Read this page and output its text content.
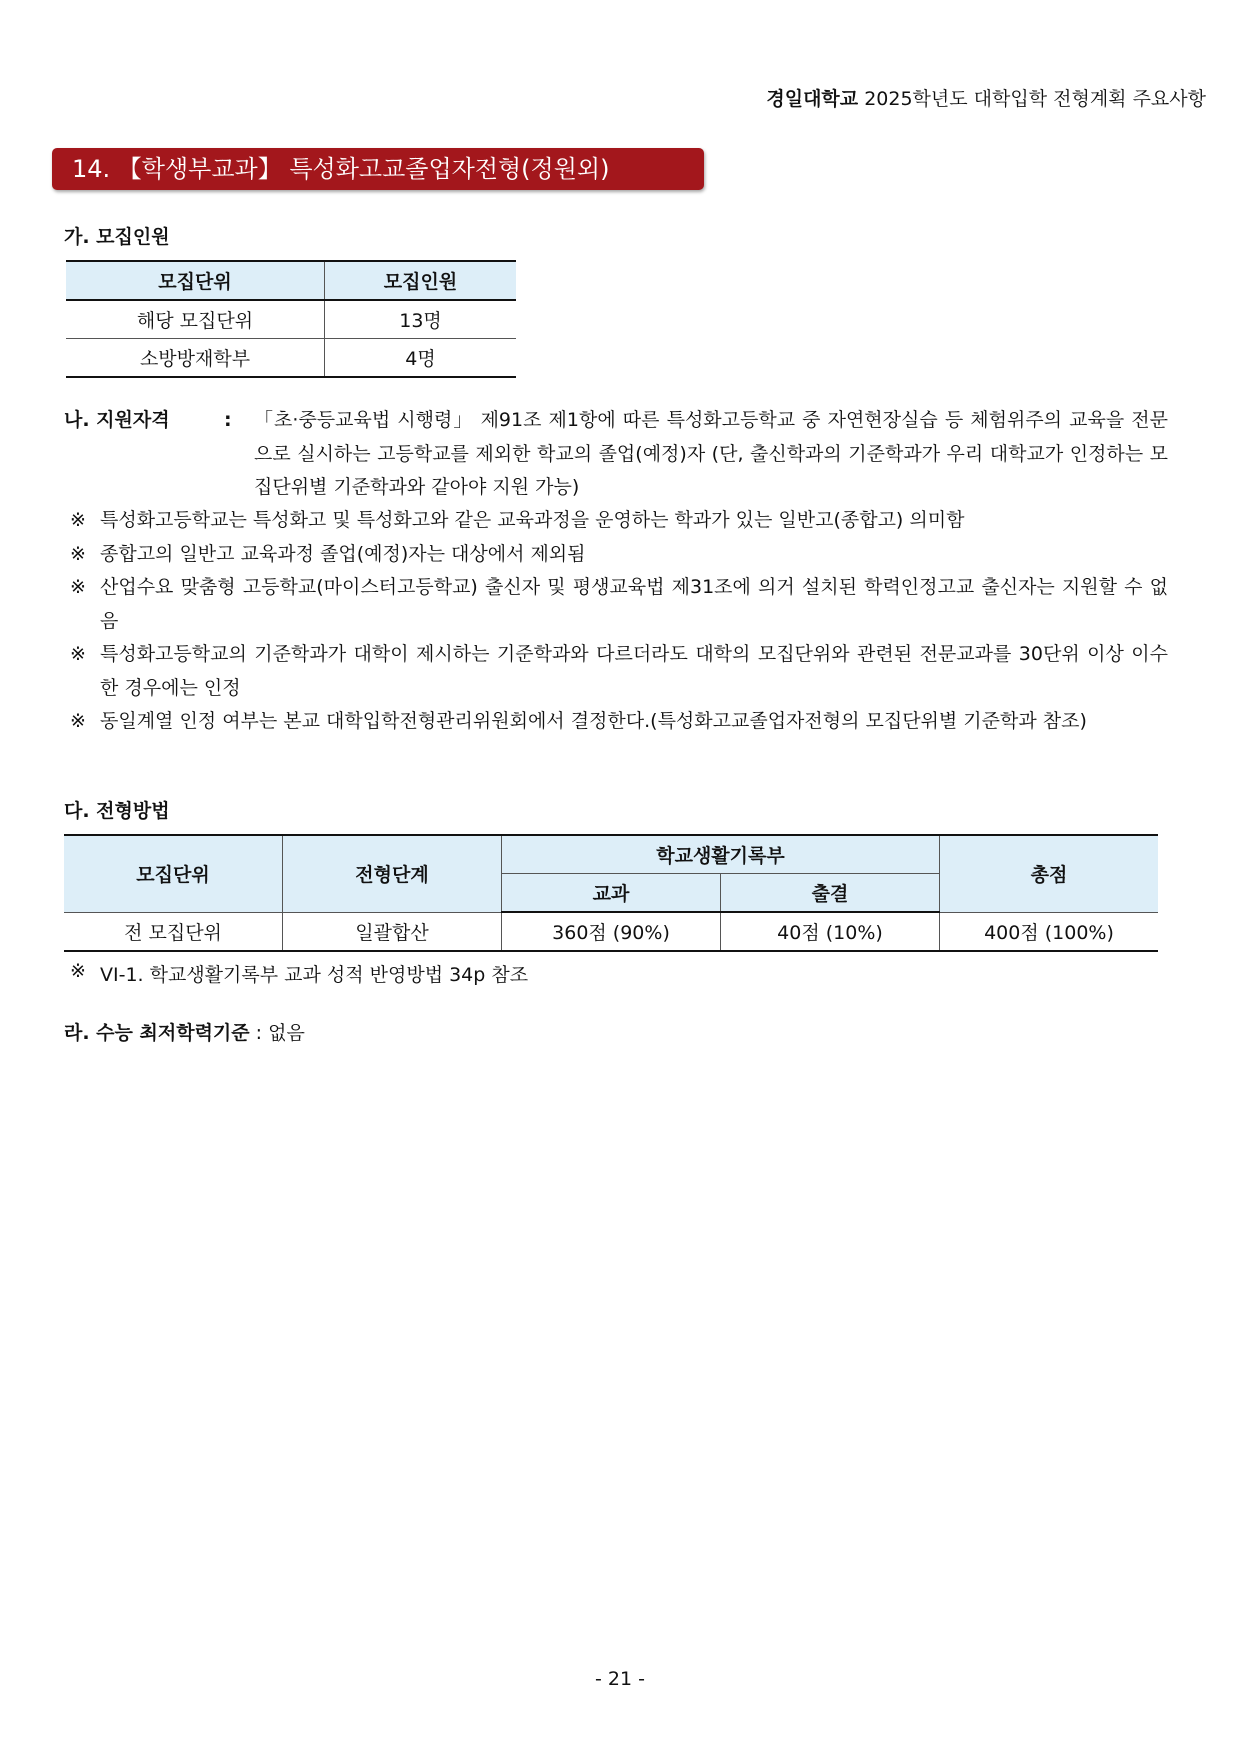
경일대학교 2025학년도 대학입학 전형계획 주요사항
14. 【학생부교과】 특성화고교졸업자전형(정원외)
가. 모집인원
모집단위	모집인원
해당 모집단위	13명
소방방재학부	4명
나. 지원자격	:	「초·중등교육법 시행령」 제91조 제1항에 따른 특성화고등학교 중 자연현장실습 등 체험위주의 교육을 전문으로 실시하는 고등학교를 제외한 학교의 졸업(예정)자 (단, 출신학과의 기준학과가 우리 대학교가 인정하는 모집단위별 기준학과와 같아야 지원 가능)
※ 특성화고등학교는 특성화고 및 특성화고와 같은 교육과정을 운영하는 학과가 있는 일반고(종합고) 의미함
※ 종합고의 일반고 교육과정 졸업(예정)자는 대상에서 제외됨
※ 산업수요 맞춤형 고등학교(마이스터고등학교) 출신자 및 평생교육법 제31조에 의거 설치된 학력인정고교 출신자는 지원할 수 없음
※ 특성화고등학교의 기준학과가 대학이 제시하는 기준학과와 다르더라도 대학의 모집단위와 관련된 전문교과를 30단위 이상 이수한 경우에는 인정
※ 동일계열 인정 여부는 본교 대학입학전형관리위원회에서 결정한다.(특성화고교졸업자전형의 모집단위별 기준학과 참조)
다. 전형방법
모집단위	전형단계	학교생활기록부		총점
		교과	출결	
전 모집단위	일괄합산	360점 (90%)	40점 (10%)	400점 (100%)
※ VI-1. 학교생활기록부 교과 성적 반영방법 34p 참조
라. 수능 최저학력기준 : 없음
- 21 -
